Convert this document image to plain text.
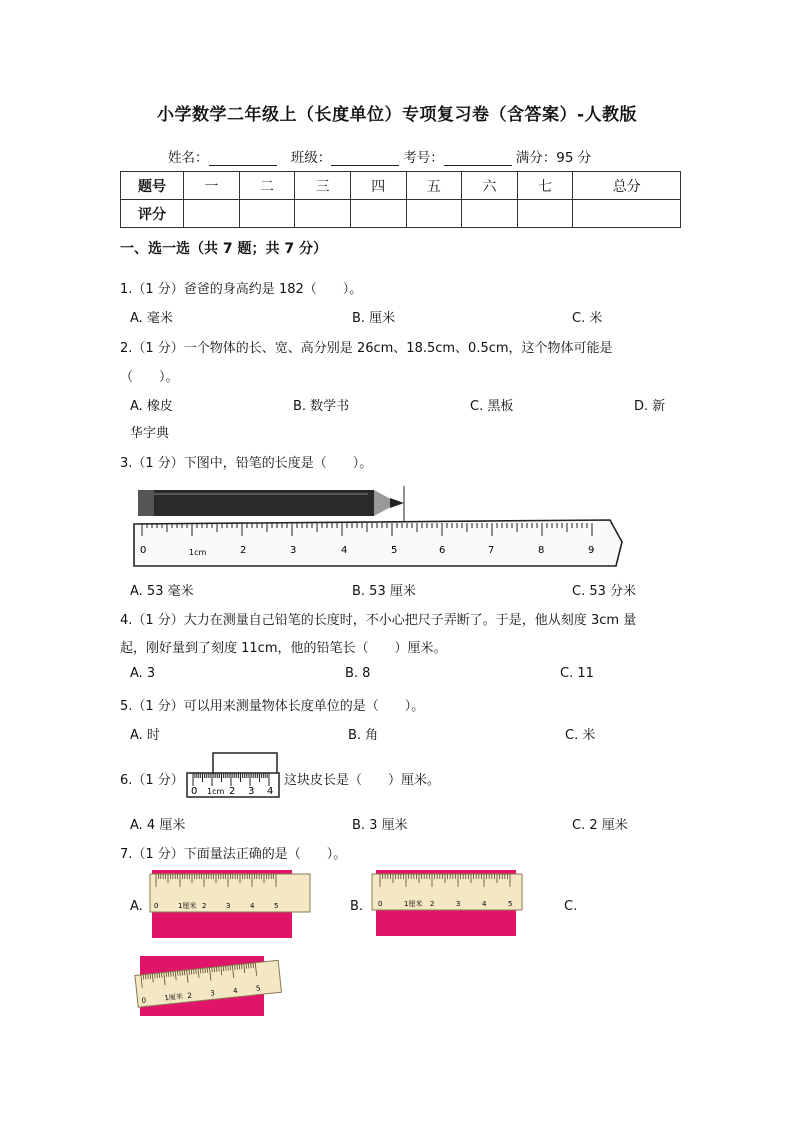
小学数学二年级上（长度单位）专项复习卷（含答案）-人教版
姓名：	班级：	考号：	满分：95 分
题号	一	二	三	四	五	六	七	总分
评分								
一、选一选（共 7 题；共 7 分）
1.（1 分）爸爸的身高约是 182（　　）。
A. 毫米	B. 厘米	C. 米
2.（1 分）一个物体的长、宽、高分别是 26cm、18.5cm、0.5cm，这个物体可能是
（　　）。
A. 橡皮	B. 数学书	C. 黑板	D. 新
华字典
3.（1 分）下图中，铅笔的长度是（　　）。
0	1cm	2	3	4	5	6	7	8	9
A. 53 毫米	B. 53 厘米	C. 53 分米
4.（1 分）大力在测量自己铅笔的长度时，不小心把尺子弄断了。于是，他从刻度 3cm 量
起，刚好量到了刻度 11cm，他的铅笔长（　　）厘米。
A. 3	B. 8	C. 11
5.（1 分）可以用来测量物体长度单位的是（　　）。
A. 时	B. 角	C. 米
6.（1 分）
0 1cm 2 3 4
这块皮长是（　　）厘米。
A. 4 厘米	B. 3 厘米	C. 2 厘米
7.（1 分）下面量法正确的是（　　）。
A.	B.	C.
0	1厘米 2	3	4	5	0	1厘米 2	3	4	5
0	1厘米 2	3	4	5
